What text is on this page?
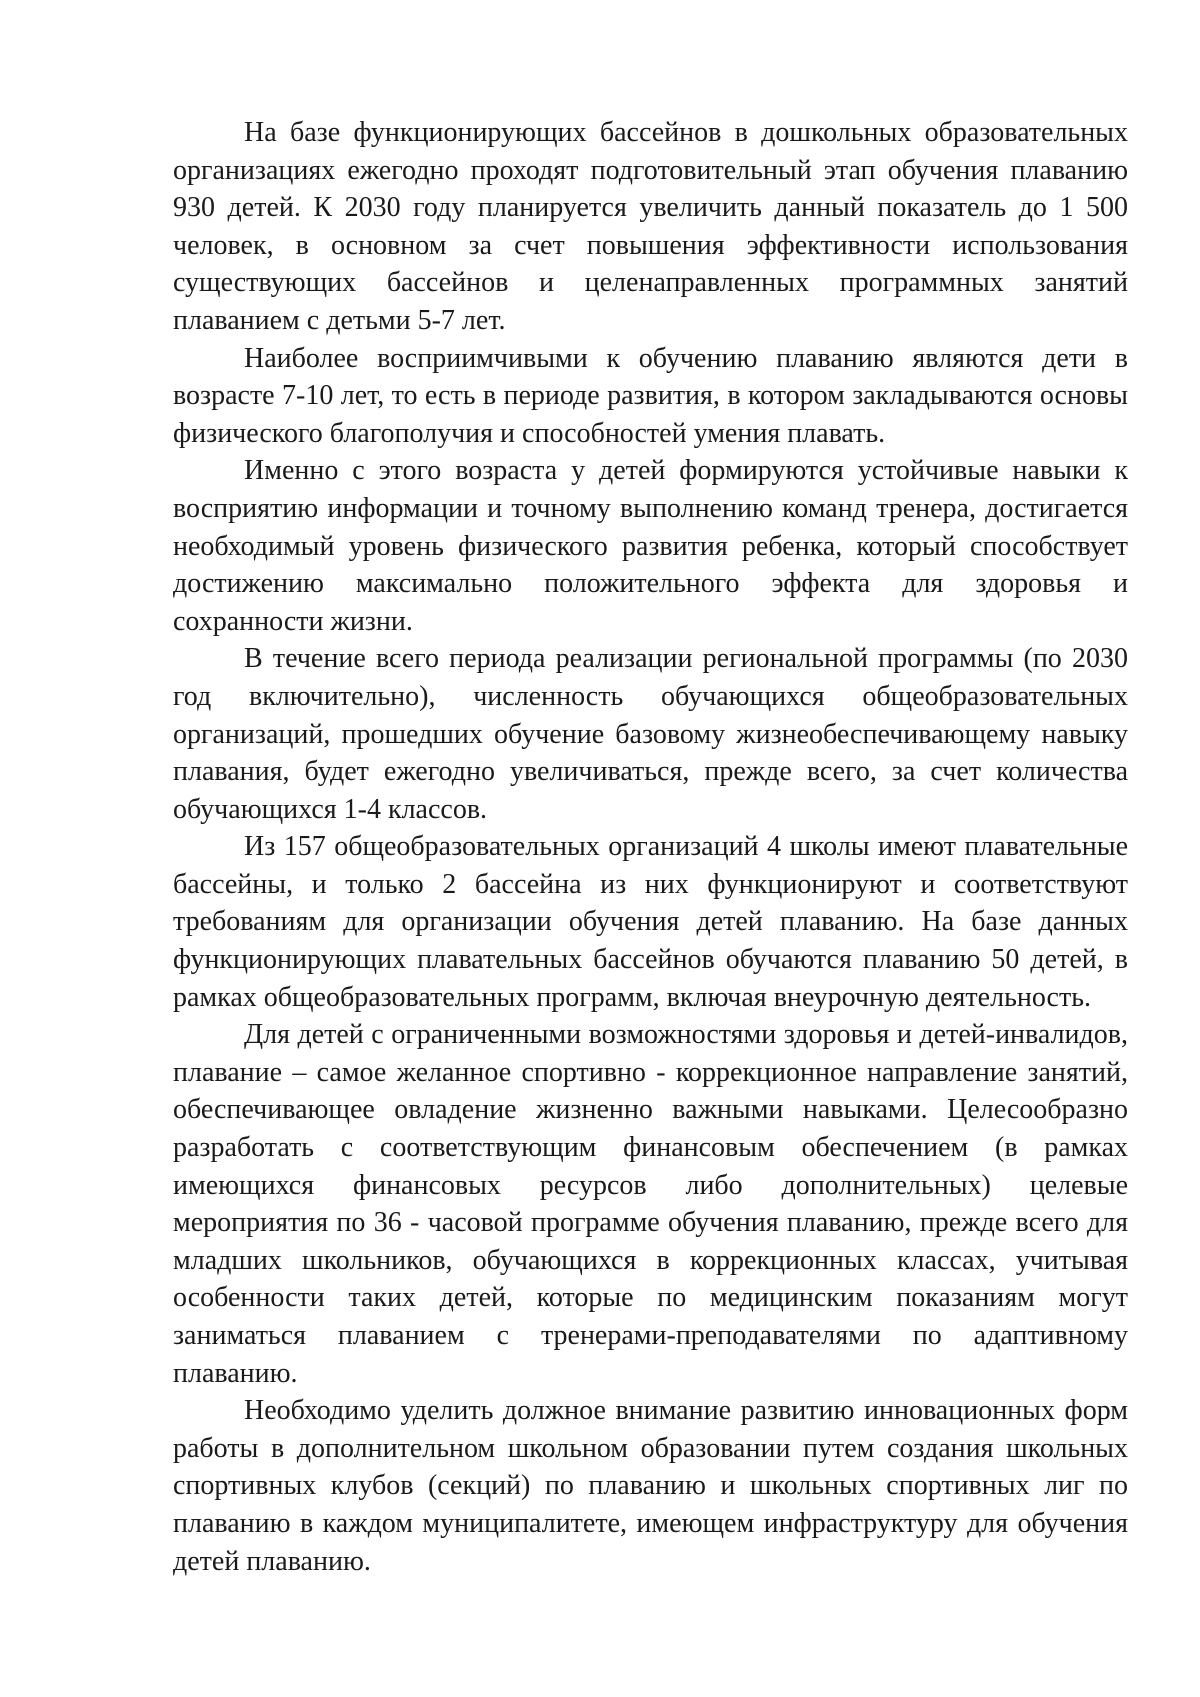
На базе функционирующих бассейнов в дошкольных образовательных организациях ежегодно проходят подготовительный этап обучения плаванию 930 детей. К 2030 году планируется увеличить данный показатель до 1 500 человек, в основном за счет повышения эффективности использования существующих бассейнов и целенаправленных программных занятий плаванием с детьми 5-7 лет.

Наиболее восприимчивыми к обучению плаванию являются дети в возрасте 7-10 лет, то есть в периоде развития, в котором закладываются основы физического благополучия и способностей умения плавать.

Именно с этого возраста у детей формируются устойчивые навыки к восприятию информации и точному выполнению команд тренера, достигается необходимый уровень физического развития ребенка, который способствует достижению максимально положительного эффекта для здоровья и сохранности жизни.

В течение всего периода реализации региональной программы (по 2030 год включительно), численность обучающихся общеобразовательных организаций, прошедших обучение базовому жизнеобеспечивающему навыку плавания, будет ежегодно увеличиваться, прежде всего, за счет количества обучающихся 1-4 классов.

Из 157 общеобразовательных организаций 4 школы имеют плавательные бассейны, и только 2 бассейна из них функционируют и соответствуют требованиям для организации обучения детей плаванию. На базе данных функционирующих плавательных бассейнов обучаются плаванию 50 детей, в рамках общеобразовательных программ, включая внеурочную деятельность.

Для детей с ограниченными возможностями здоровья и детей-инвалидов, плавание – самое желанное спортивно - коррекционное направление занятий, обеспечивающее овладение жизненно важными навыками. Целесообразно разработать с соответствующим финансовым обеспечением (в рамках имеющихся финансовых ресурсов либо дополнительных) целевые мероприятия по 36 - часовой программе обучения плаванию, прежде всего для младших школьников, обучающихся в коррекционных классах, учитывая особенности таких детей, которые по медицинским показаниям могут заниматься плаванием с тренерами-преподавателями по адаптивному плаванию.

Необходимо уделить должное внимание развитию инновационных форм работы в дополнительном школьном образовании путем создания школьных спортивных клубов (секций) по плаванию и школьных спортивных лиг по плаванию в каждом муниципалитете, имеющем инфраструктуру для обучения детей плаванию.
